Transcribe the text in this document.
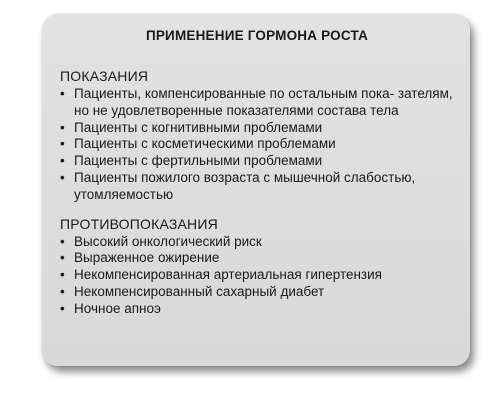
ПРИМЕНЕНИЕ ГОРМОНА РОСТА
ПОКАЗАНИЯ
• Пациенты, компенсированные по остальным пока- зателям, но не удовлетворенные показателями состава тела
• Пациенты с когнитивными проблемами
• Пациенты с косметическими проблемами
• Пациенты с фертильными проблемами
• Пациенты пожилого возраста с мышечной слабостью, утомляемостью
ПРОТИВОПОКАЗАНИЯ
• Высокий онкологический риск
• Выраженное ожирение
• Некомпенсированная артериальная гипертензия
• Некомпенсированный сахарный диабет
• Ночное апноэ
